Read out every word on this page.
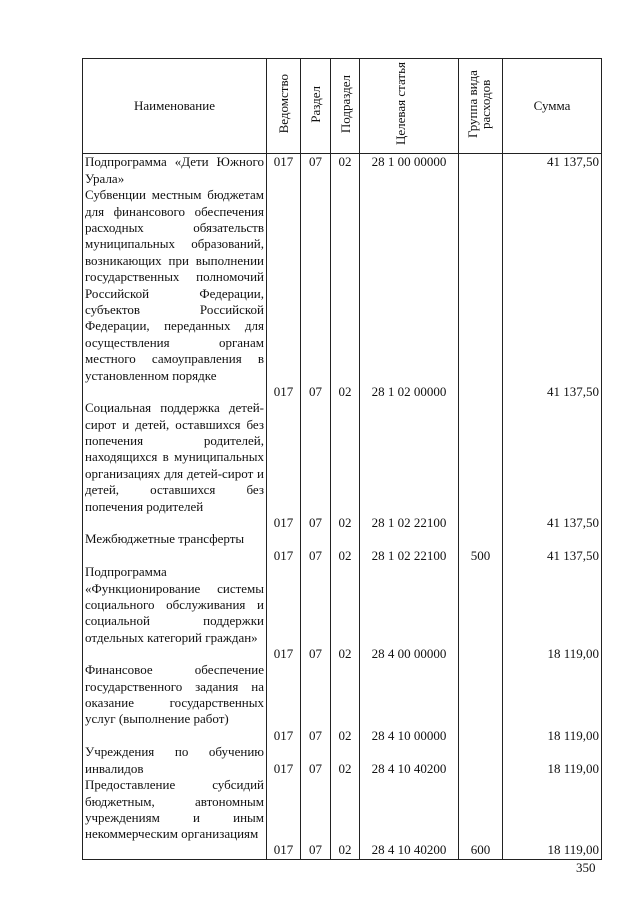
Наименование	Ведомство	Раздел	Подраздел	Целевая статья	Группа вида расходов	Сумма
Подпрограмма «Дети Южного Урала»	017	07	02	28 1 00 00000		41 137,50
Субвенции местным бюджетам для финансового обеспечения расходных обязательств муниципальных образований, возникающих при выполнении государственных полномочий Российской Федерации, субъектов Российской Федерации, переданных для осуществления органам местного самоуправления в установленном порядке	017	07	02	28 1 02 00000		41 137,50
Социальная поддержка детей-сирот и детей, оставшихся без попечения родителей, находящихся в муниципальных организациях для детей-сирот и детей, оставшихся без попечения родителей	017	07	02	28 1 02 22100		41 137,50
Межбюджетные трансферты	017	07	02	28 1 02 22100	500	41 137,50
Подпрограмма «Функционирование системы социального обслуживания и социальной поддержки отдельных категорий граждан»	017	07	02	28 4 00 00000		18 119,00
Финансовое обеспечение государственного задания на оказание государственных услуг (выполнение работ)	017	07	02	28 4 10 00000		18 119,00
Учреждения по обучению инвалидов	017	07	02	28 4 10 40200		18 119,00
Предоставление субсидий бюджетным, автономным учреждениям и иным некоммерческим организациям	017	07	02	28 4 10 40200	600	18 119,00
350
